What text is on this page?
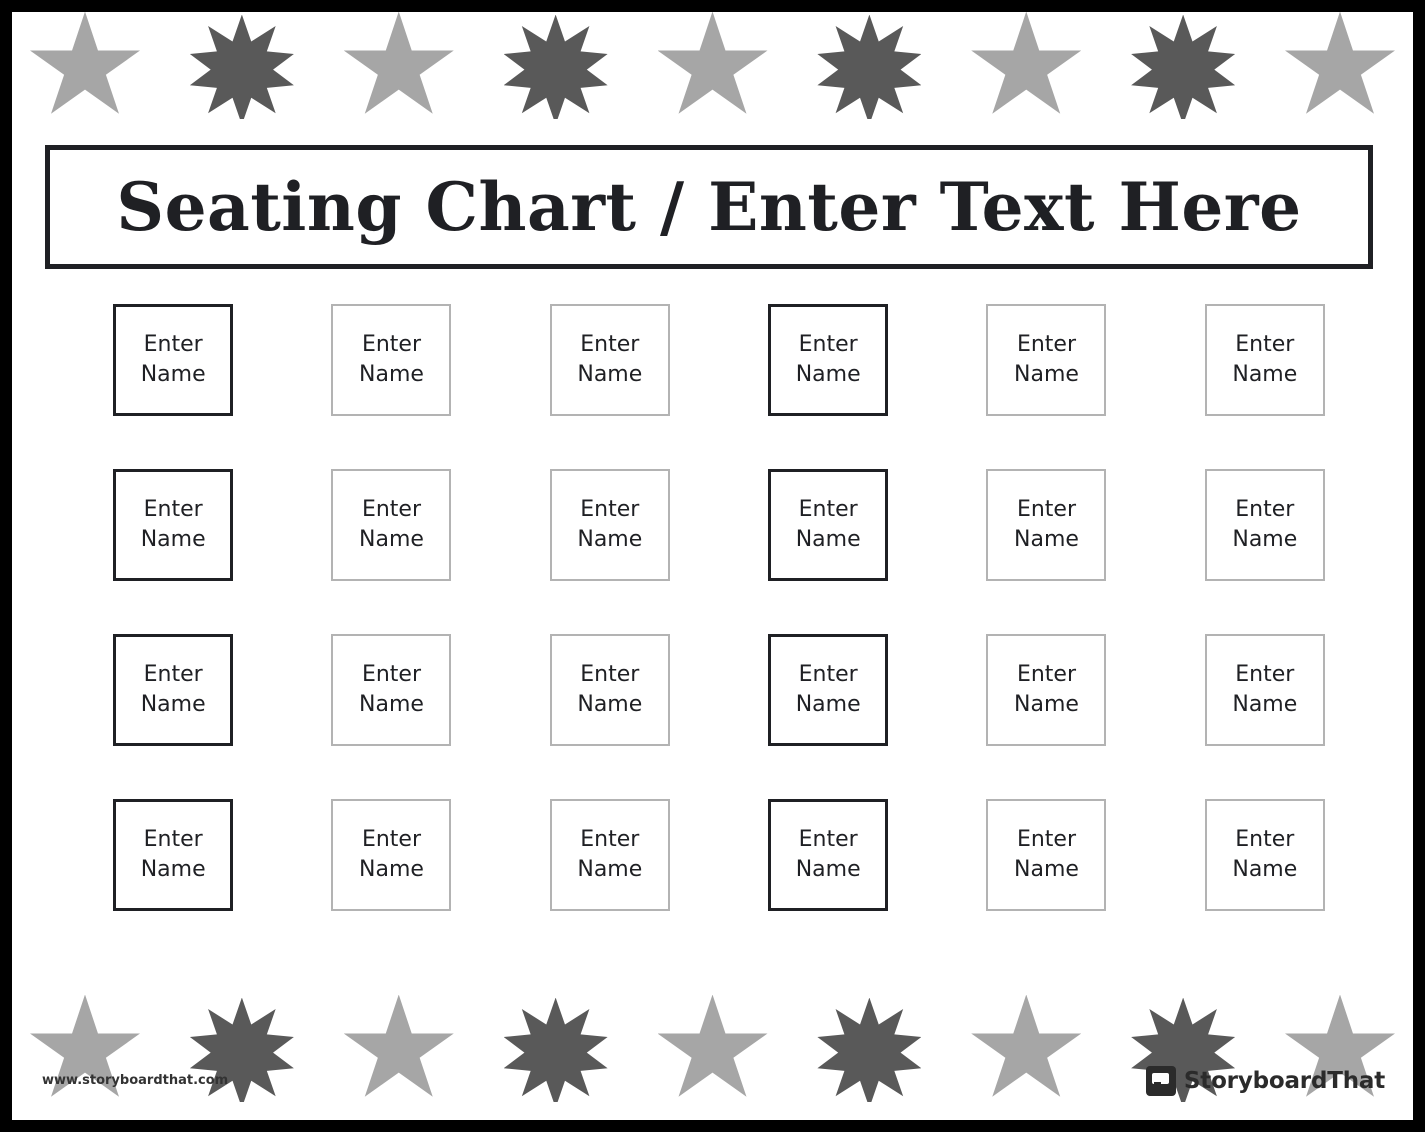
Seating Chart / Enter Text Here
Enter
Name
Enter
Name
Enter
Name
Enter
Name
Enter
Name
Enter
Name
Enter
Name
Enter
Name
Enter
Name
Enter
Name
Enter
Name
Enter
Name
Enter
Name
Enter
Name
Enter
Name
Enter
Name
Enter
Name
Enter
Name
Enter
Name
Enter
Name
Enter
Name
Enter
Name
Enter
Name
Enter
Name
www.storyboardthat.com	StoryboardThat
